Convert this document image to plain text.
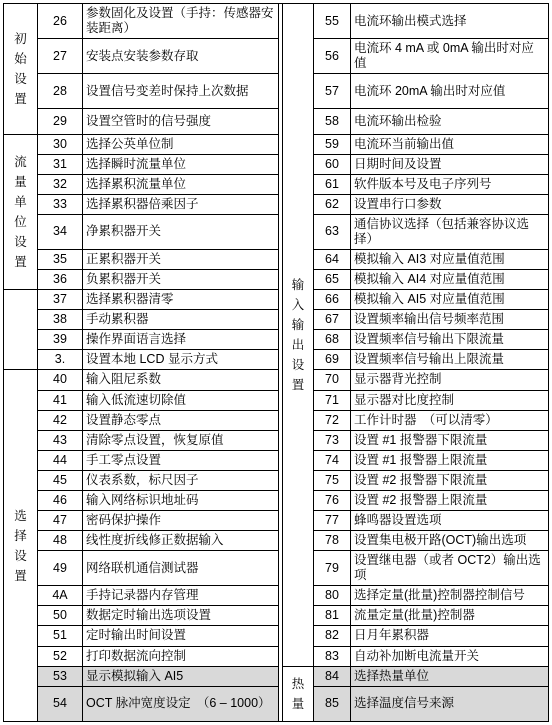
初始设置	26	参数固化及设置（手持：传感器安装距离）		输入输出设置	55	电流环输出模式选择
	27	安装点安装参数存取			56	电流环 4 mA 或 0mA 输出时对应值
	28	设置信号变差时保持上次数据			57	电流环 20mA 输出时对应值
	29	设置空管时的信号强度			58	电流环输出检验

流量单位设置	30	选择公英单位制			59	电流环当前输出值
	31	选择瞬时流量单位			60	日期时间及设置
	32	选择累积流量单位			61	软件版本号及电子序列号
	33	选择累积器倍乘因子			62	设置串行口参数
	34	净累积器开关			63	通信协议选择（包括兼容协议选择）
	35	正累积器开关			64	模拟输入 AI3 对应量值范围
	36	负累积器开关			65	模拟输入 AI4 对应量值范围

	37	选择累积器清零			66	模拟输入 AI5 对应量值范围
	38	手动累积器			67	设置频率输出信号频率范围
	39	操作界面语言选择			68	设置频率信号输出下限流量
	3.	设置本地 LCD 显示方式			69	设置频率信号输出上限流量

选择设置	40	输入阻尼系数			70	显示器背光控制
	41	输入低流速切除值			71	显示器对比度控制
	42	设置静态零点			72	工作计时器　（可以清零）
	43	清除零点设置，恢复原值			73	设置 #1 报警器下限流量
	44	手工零点设置			74	设置 #1 报警器上限流量
	45	仪表系数，标尺因子			75	设置 #2 报警器下限流量
	46	输入网络标识地址码			76	设置 #2 报警器上限流量
	47	密码保护操作			77	蜂鸣器设置选项
	48	线性度折线修正数据输入			78	设置集电极开路(OCT)输出选项
	49	网络联机通信测试器			79	设置继电器（或者 OCT2）输出选项
	4A	手持记录器内存管理			80	选择定量(批量)控制器控制信号
	50	数据定时输出选项设置			81	流量定量(批量)控制器
	51	定时输出时间设置			82	日月年累积器
	52	打印数据流向控制			83	自动补加断电流量开关
	53	显示模拟输入 AI5		热量	84	选择热量单位
	54	OCT 脉冲宽度设定　（6 – 1000）			85	选择温度信号来源
